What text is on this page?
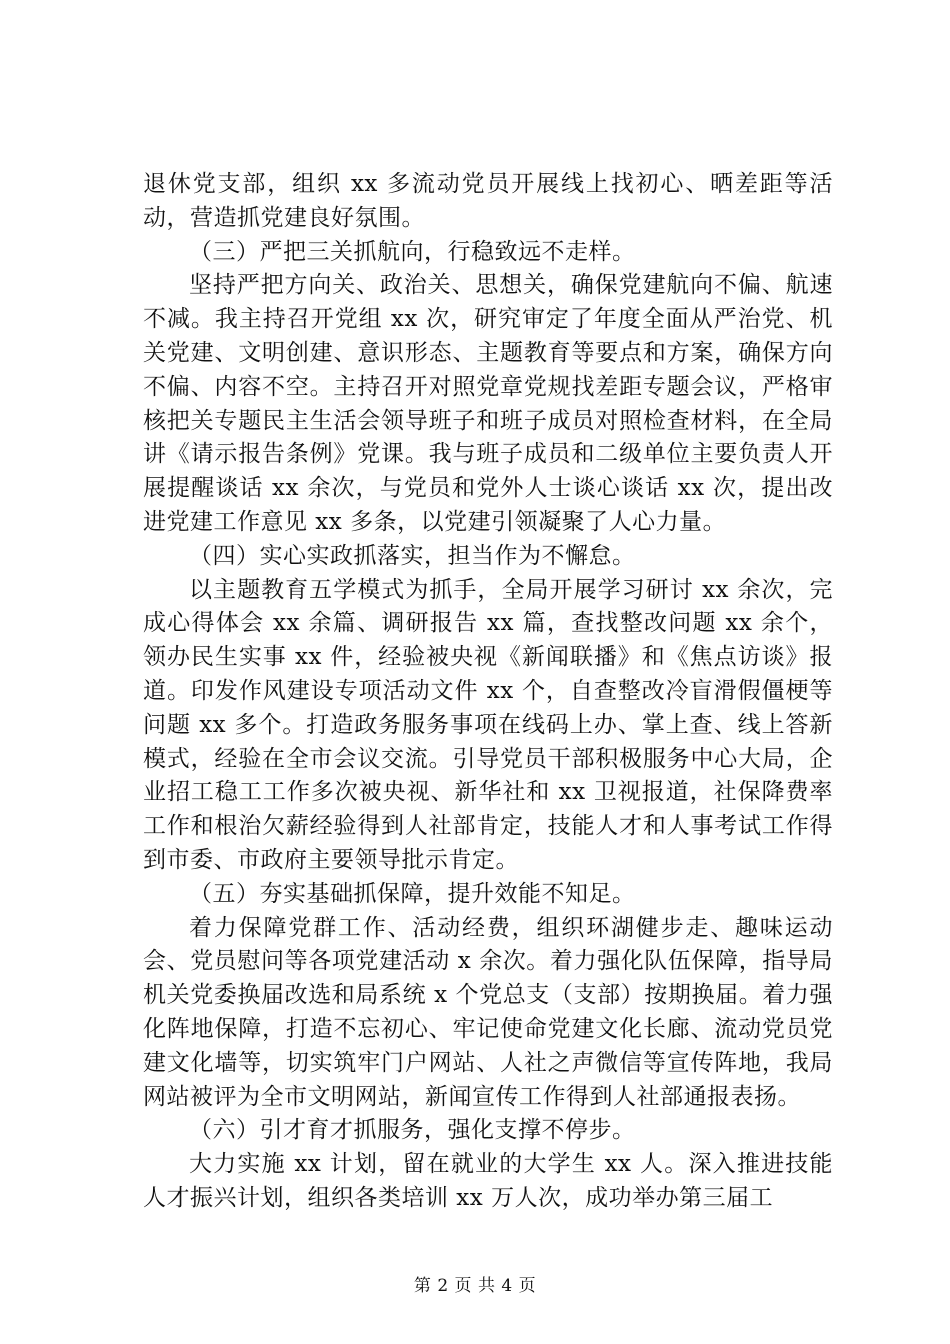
退休党支部，组织 xx 多流动党员开展线上找初心、晒差距等活动，营造抓党建良好氛围。

（三）严把三关抓航向，行稳致远不走样。

坚持严把方向关、政治关、思想关，确保党建航向不偏、航速不减。我主持召开党组 xx 次，研究审定了年度全面从严治党、机关党建、文明创建、意识形态、主题教育等要点和方案，确保方向不偏、内容不空。主持召开对照党章党规找差距专题会议，严格审核把关专题民主生活会领导班子和班子成员对照检查材料，在全局讲《请示报告条例》党课。我与班子成员和二级单位主要负责人开展提醒谈话 xx 余次，与党员和党外人士谈心谈话 xx 次，提出改进党建工作意见 xx 多条，以党建引领凝聚了人心力量。

（四）实心实政抓落实，担当作为不懈怠。

以主题教育五学模式为抓手，全局开展学习研讨 xx 余次，完成心得体会 xx 余篇、调研报告 xx 篇，查找整改问题 xx 余个，领办民生实事 xx 件，经验被央视《新闻联播》和《焦点访谈》报道。印发作风建设专项活动文件 xx 个，自查整改冷盲滑假僵梗等问题 xx 多个。打造政务服务事项在线码上办、掌上查、线上答新模式，经验在全市会议交流。引导党员干部积极服务中心大局，企业招工稳工工作多次被央视、新华社和 xx 卫视报道，社保降费率工作和根治欠薪经验得到人社部肯定，技能人才和人事考试工作得到市委、市政府主要领导批示肯定。

（五）夯实基础抓保障，提升效能不知足。

着力保障党群工作、活动经费，组织环湖健步走、趣味运动会、党员慰问等各项党建活动 x 余次。着力强化队伍保障，指导局机关党委换届改选和局系统 x 个党总支（支部）按期换届。着力强化阵地保障，打造不忘初心、牢记使命党建文化长廊、流动党员党建文化墙等，切实筑牢门户网站、人社之声微信等宣传阵地，我局网站被评为全市文明网站，新闻宣传工作得到人社部通报表扬。

（六）引才育才抓服务，强化支撑不停步。

大力实施 xx 计划，留在就业的大学生 xx 人。深入推进技能人才振兴计划，组织各类培训 xx 万人次，成功举办第三届工

第 2 页 共 4 页
